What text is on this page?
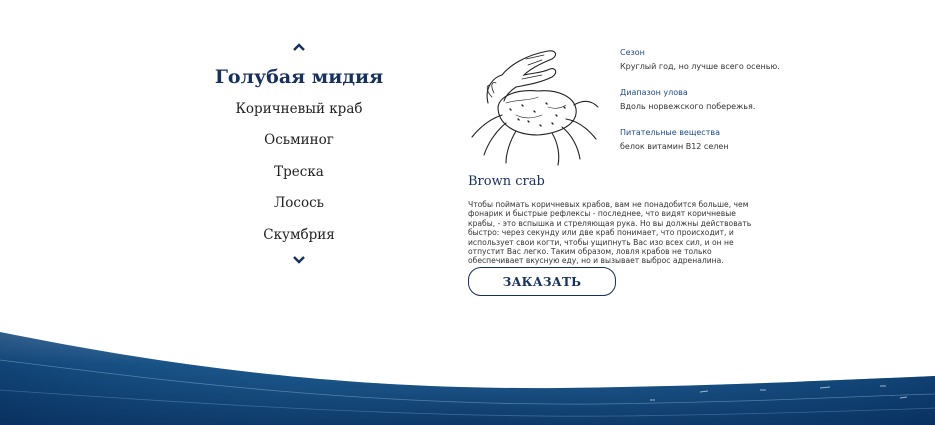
Голубая мидия
Коричневый краб
Осьминог
Треска
Лосось
Скумбрия
Сезон
Круглый год, но лучше всего осенью.
Диапазон улова
Вдоль норвежского побережья.
Питательные вещества
белок витамин B12 селен
Brown crab

Чтобы поймать коричневых крабов, вам не понадобится больше, чем фонарик и быстрые рефлексы - последнее, что видят коричневые крабы, - это вспышка и стреляющая рука. Но вы должны действовать быстро: через секунду или две краб понимает, что происходит, и использует свои когти, чтобы ущипнуть Вас изо всех сил, и он не отпустит Вас легко. Таким образом, ловля крабов не только обеспечивает вкусную еду, но и вызывает выброс адреналина.

ЗАКАЗАТЬ
